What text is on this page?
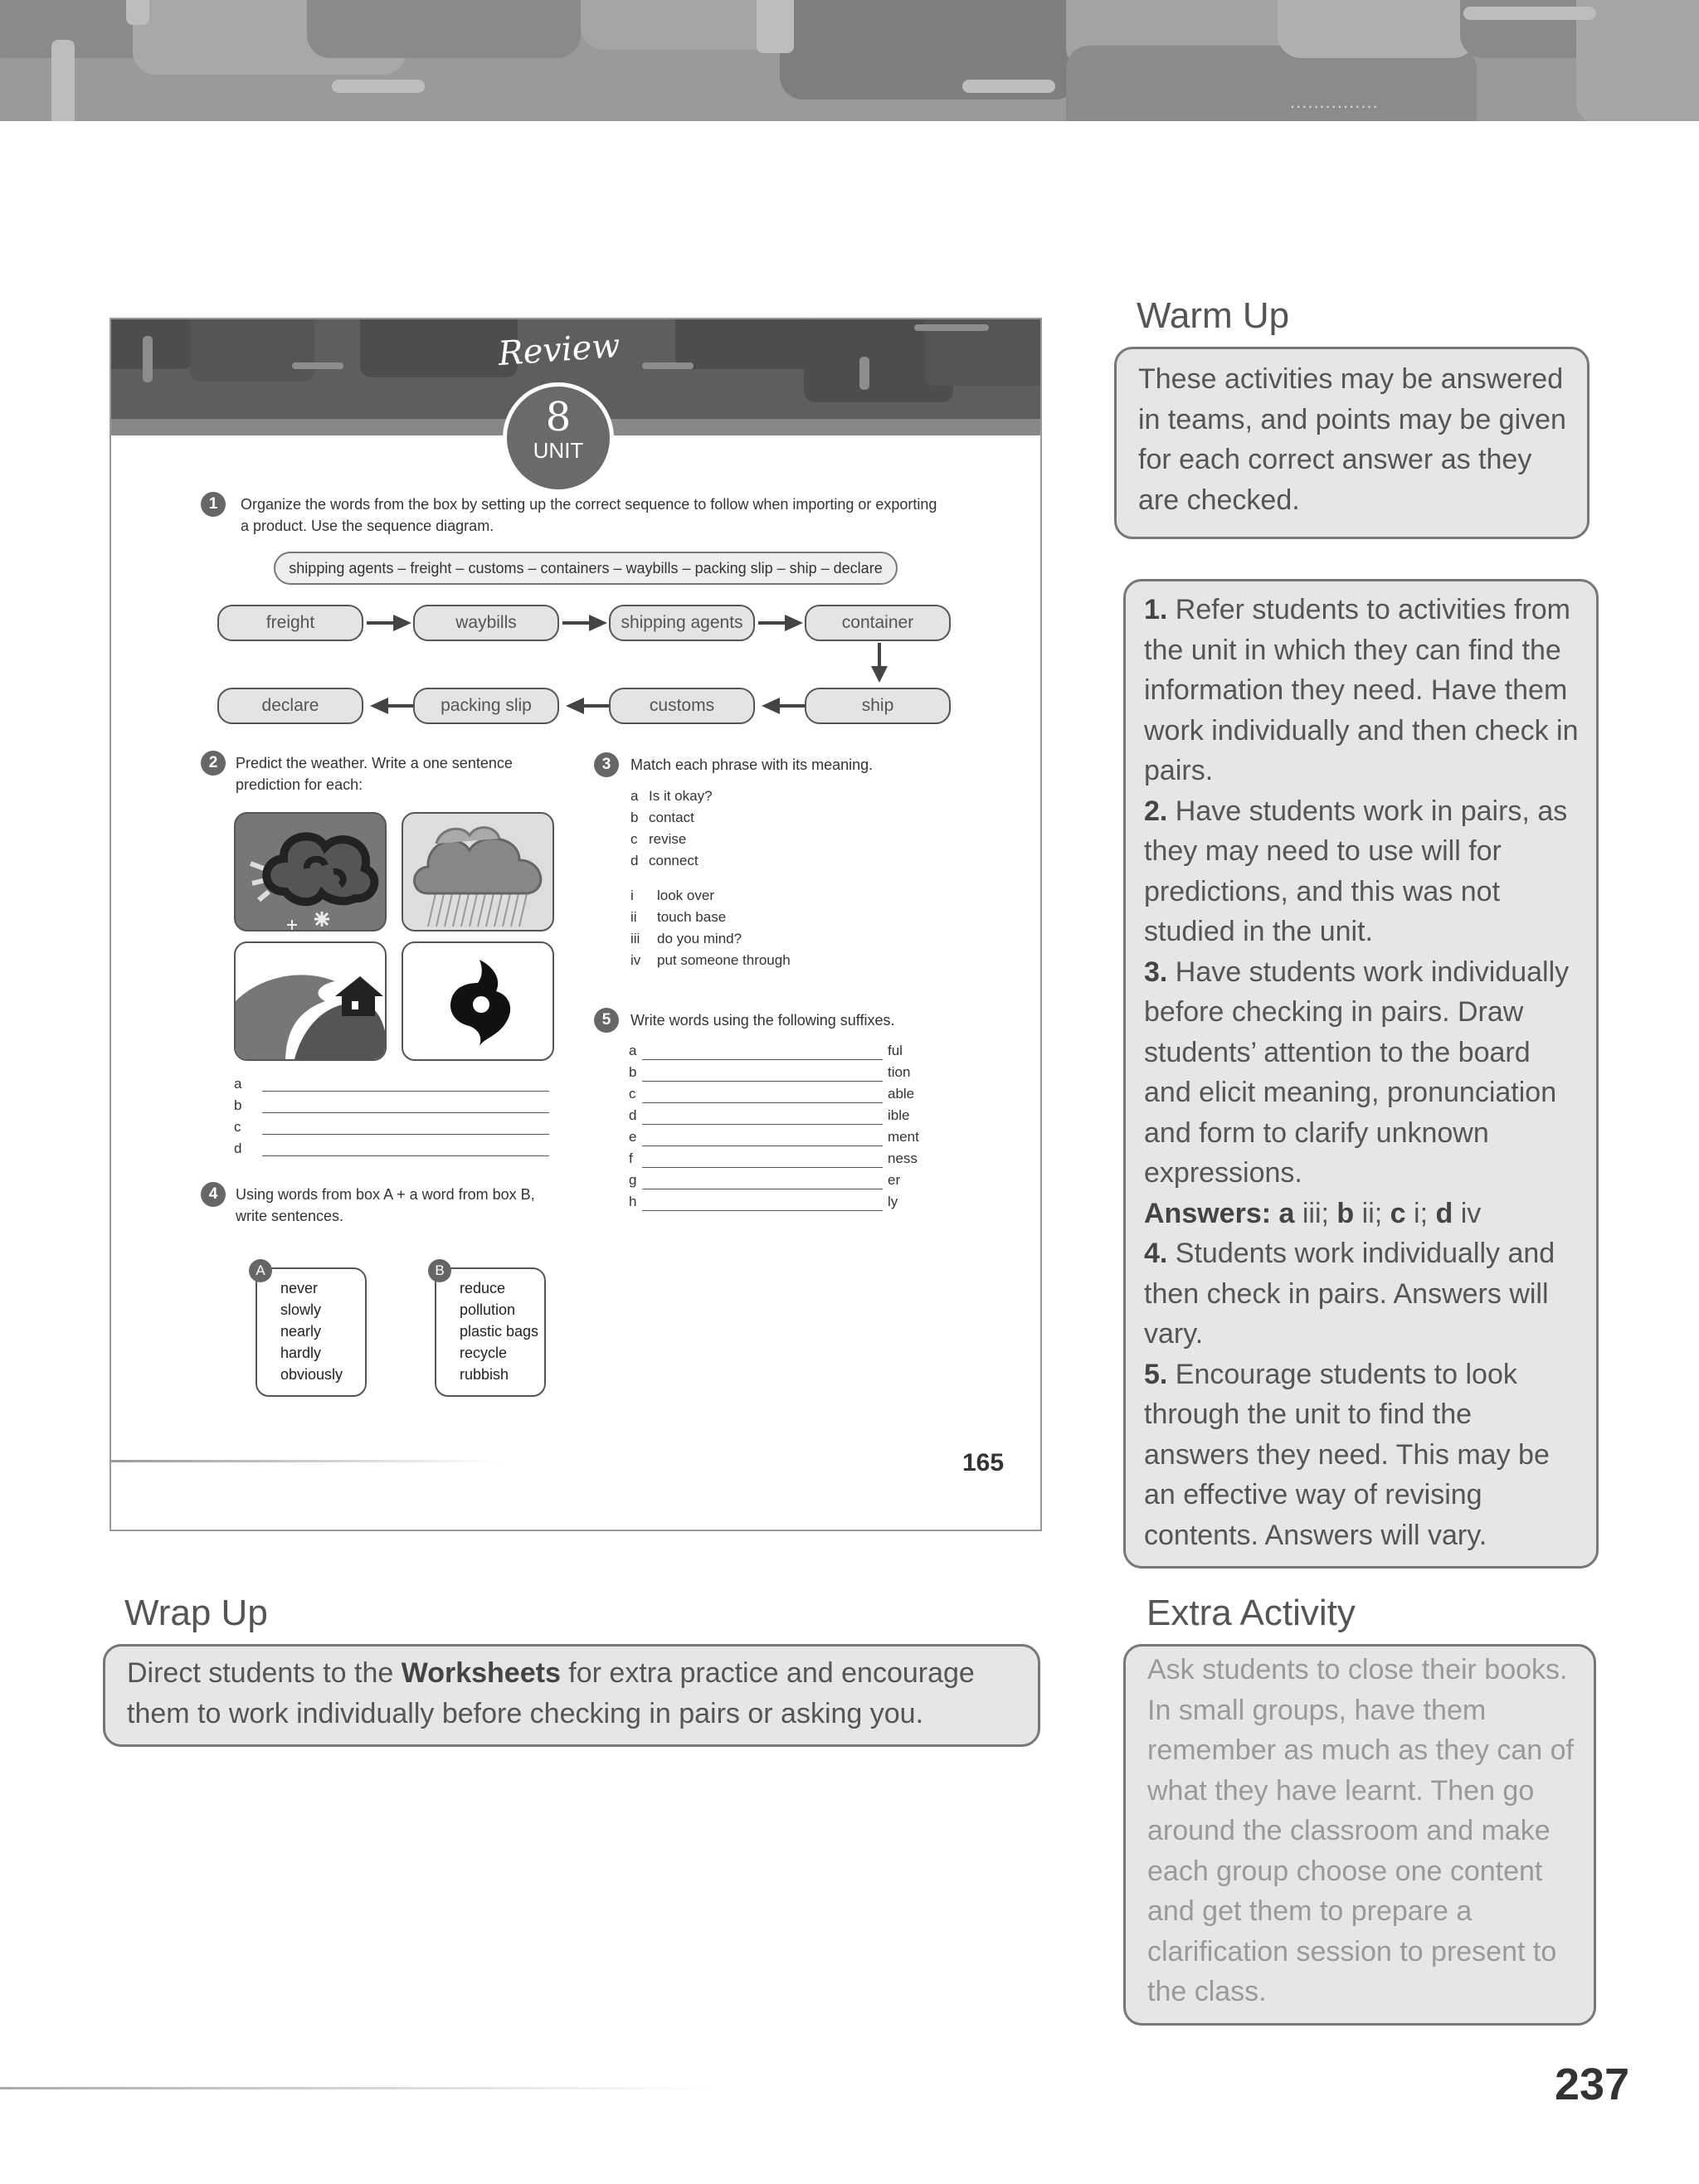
...............
Review
8
UNIT
1	Organize the words from the box by setting up the correct sequence to follow when importing or exporting
a product. Use the sequence diagram.
shipping agents – freight – customs – containers – waybills – packing slip – ship – declare
freight	waybills	shipping agents	container
declare	packing slip	customs	ship
2	Predict the weather. Write a one sentence
prediction for each:
a
b
c
d
3	Match each phrase with its meaning.
a Is it okay?
b contact
c revise
d connect
i look over
ii touch base
iii do you mind?
iv put someone through
5	Write words using the following suffixes.
a	ful
b	tion
c	able
d	ible
e	ment
f	ness
g	er
h	ly
4	Using words from box A + a word from box B,
write sentences.
A
never
slowly
nearly
hardly
obviously
B
reduce
pollution
plastic bags
recycle
rubbish
165
Warm Up

These activities may be answered in teams, and points may be given for each correct answer as they are checked.

1. Refer students to activities from the unit in which they can find the information they need. Have them work individually and then check in pairs.
2. Have students work in pairs, as they may need to use will for predictions, and this was not studied in the unit.
3. Have students work individually before checking in pairs. Draw students’ attention to the board and elicit meaning, pronunciation and form to clarify unknown expressions.
Answers: a iii; b ii; c i; d iv
4. Students work individually and then check in pairs. Answers will vary.
5. Encourage students to look through the unit to find the answers they need. This may be an effective way of revising contents. Answers will vary.

Wrap Up

Direct students to the Worksheets for extra practice and encourage them to work individually before checking in pairs or asking you.

Extra Activity

Ask students to close their books. In small groups, have them remember as much as they can of what they have learnt. Then go around the classroom and make each group choose one content and get them to prepare a clarification session to present to the class.

237
